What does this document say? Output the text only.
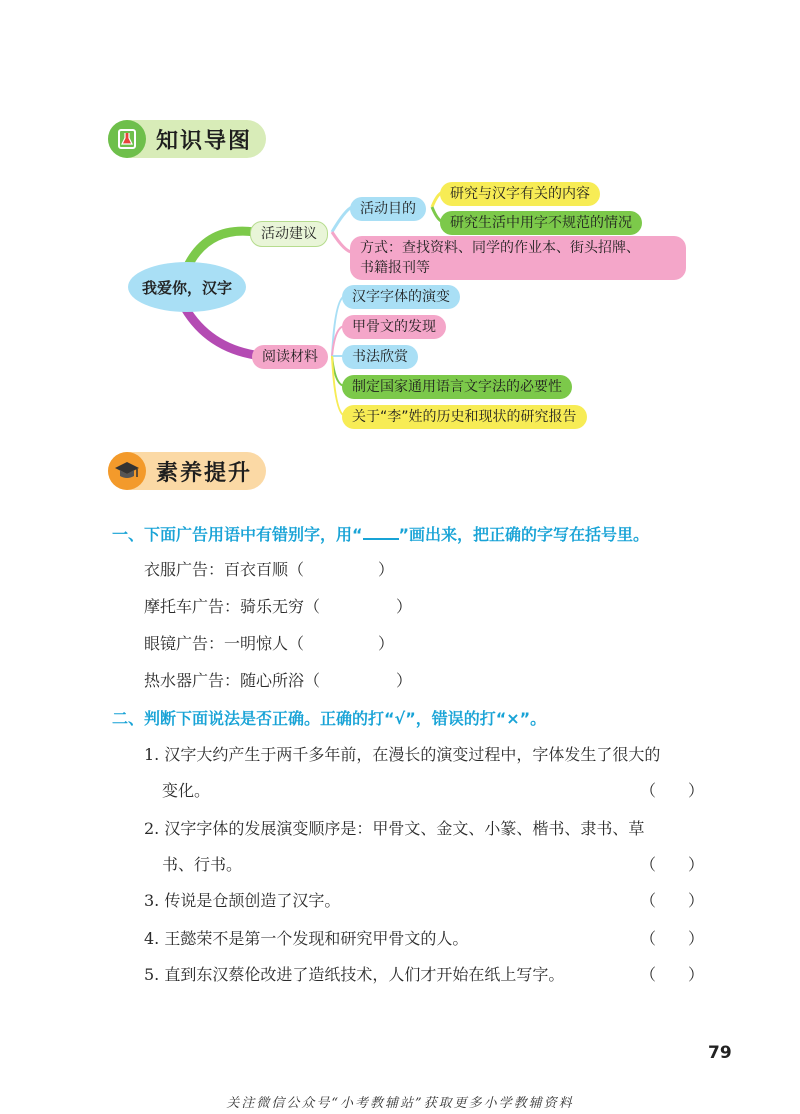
知识导图
我爱你，汉字
活动建议
阅读材料
活动目的
研究与汉字有关的内容
研究生活中用字不规范的情况
方式：查找资料、同学的作业本、街头招牌、
书籍报刊等
汉字字体的演变
甲骨文的发现
书法欣赏
制定国家通用语言文字法的必要性
关于“李”姓的历史和现状的研究报告
素养提升
一、下面广告用语中有错别字，用“ ”画出来，把正确的字写在括号里。
衣服广告：百衣百顺（	）
摩托车广告：骑乐无穷（	）
眼镜广告：一明惊人（	）
热水器广告：随心所浴（	）
二、判断下面说法是否正确。正确的打“√”，错误的打“×”。
1. 汉字大约产生于两千多年前，在漫长的演变过程中，字体发生了很大的
变化。	（　　）
2. 汉字字体的发展演变顺序是：甲骨文、金文、小篆、楷书、隶书、草
书、行书。	（　　）
3. 传说是仓颉创造了汉字。	（　　）
4. 王懿荣不是第一个发现和研究甲骨文的人。	（　　）
5. 直到东汉蔡伦改进了造纸技术，人们才开始在纸上写字。	（　　）
79
关注微信公众号“小考教辅站”获取更多小学教辅资料
